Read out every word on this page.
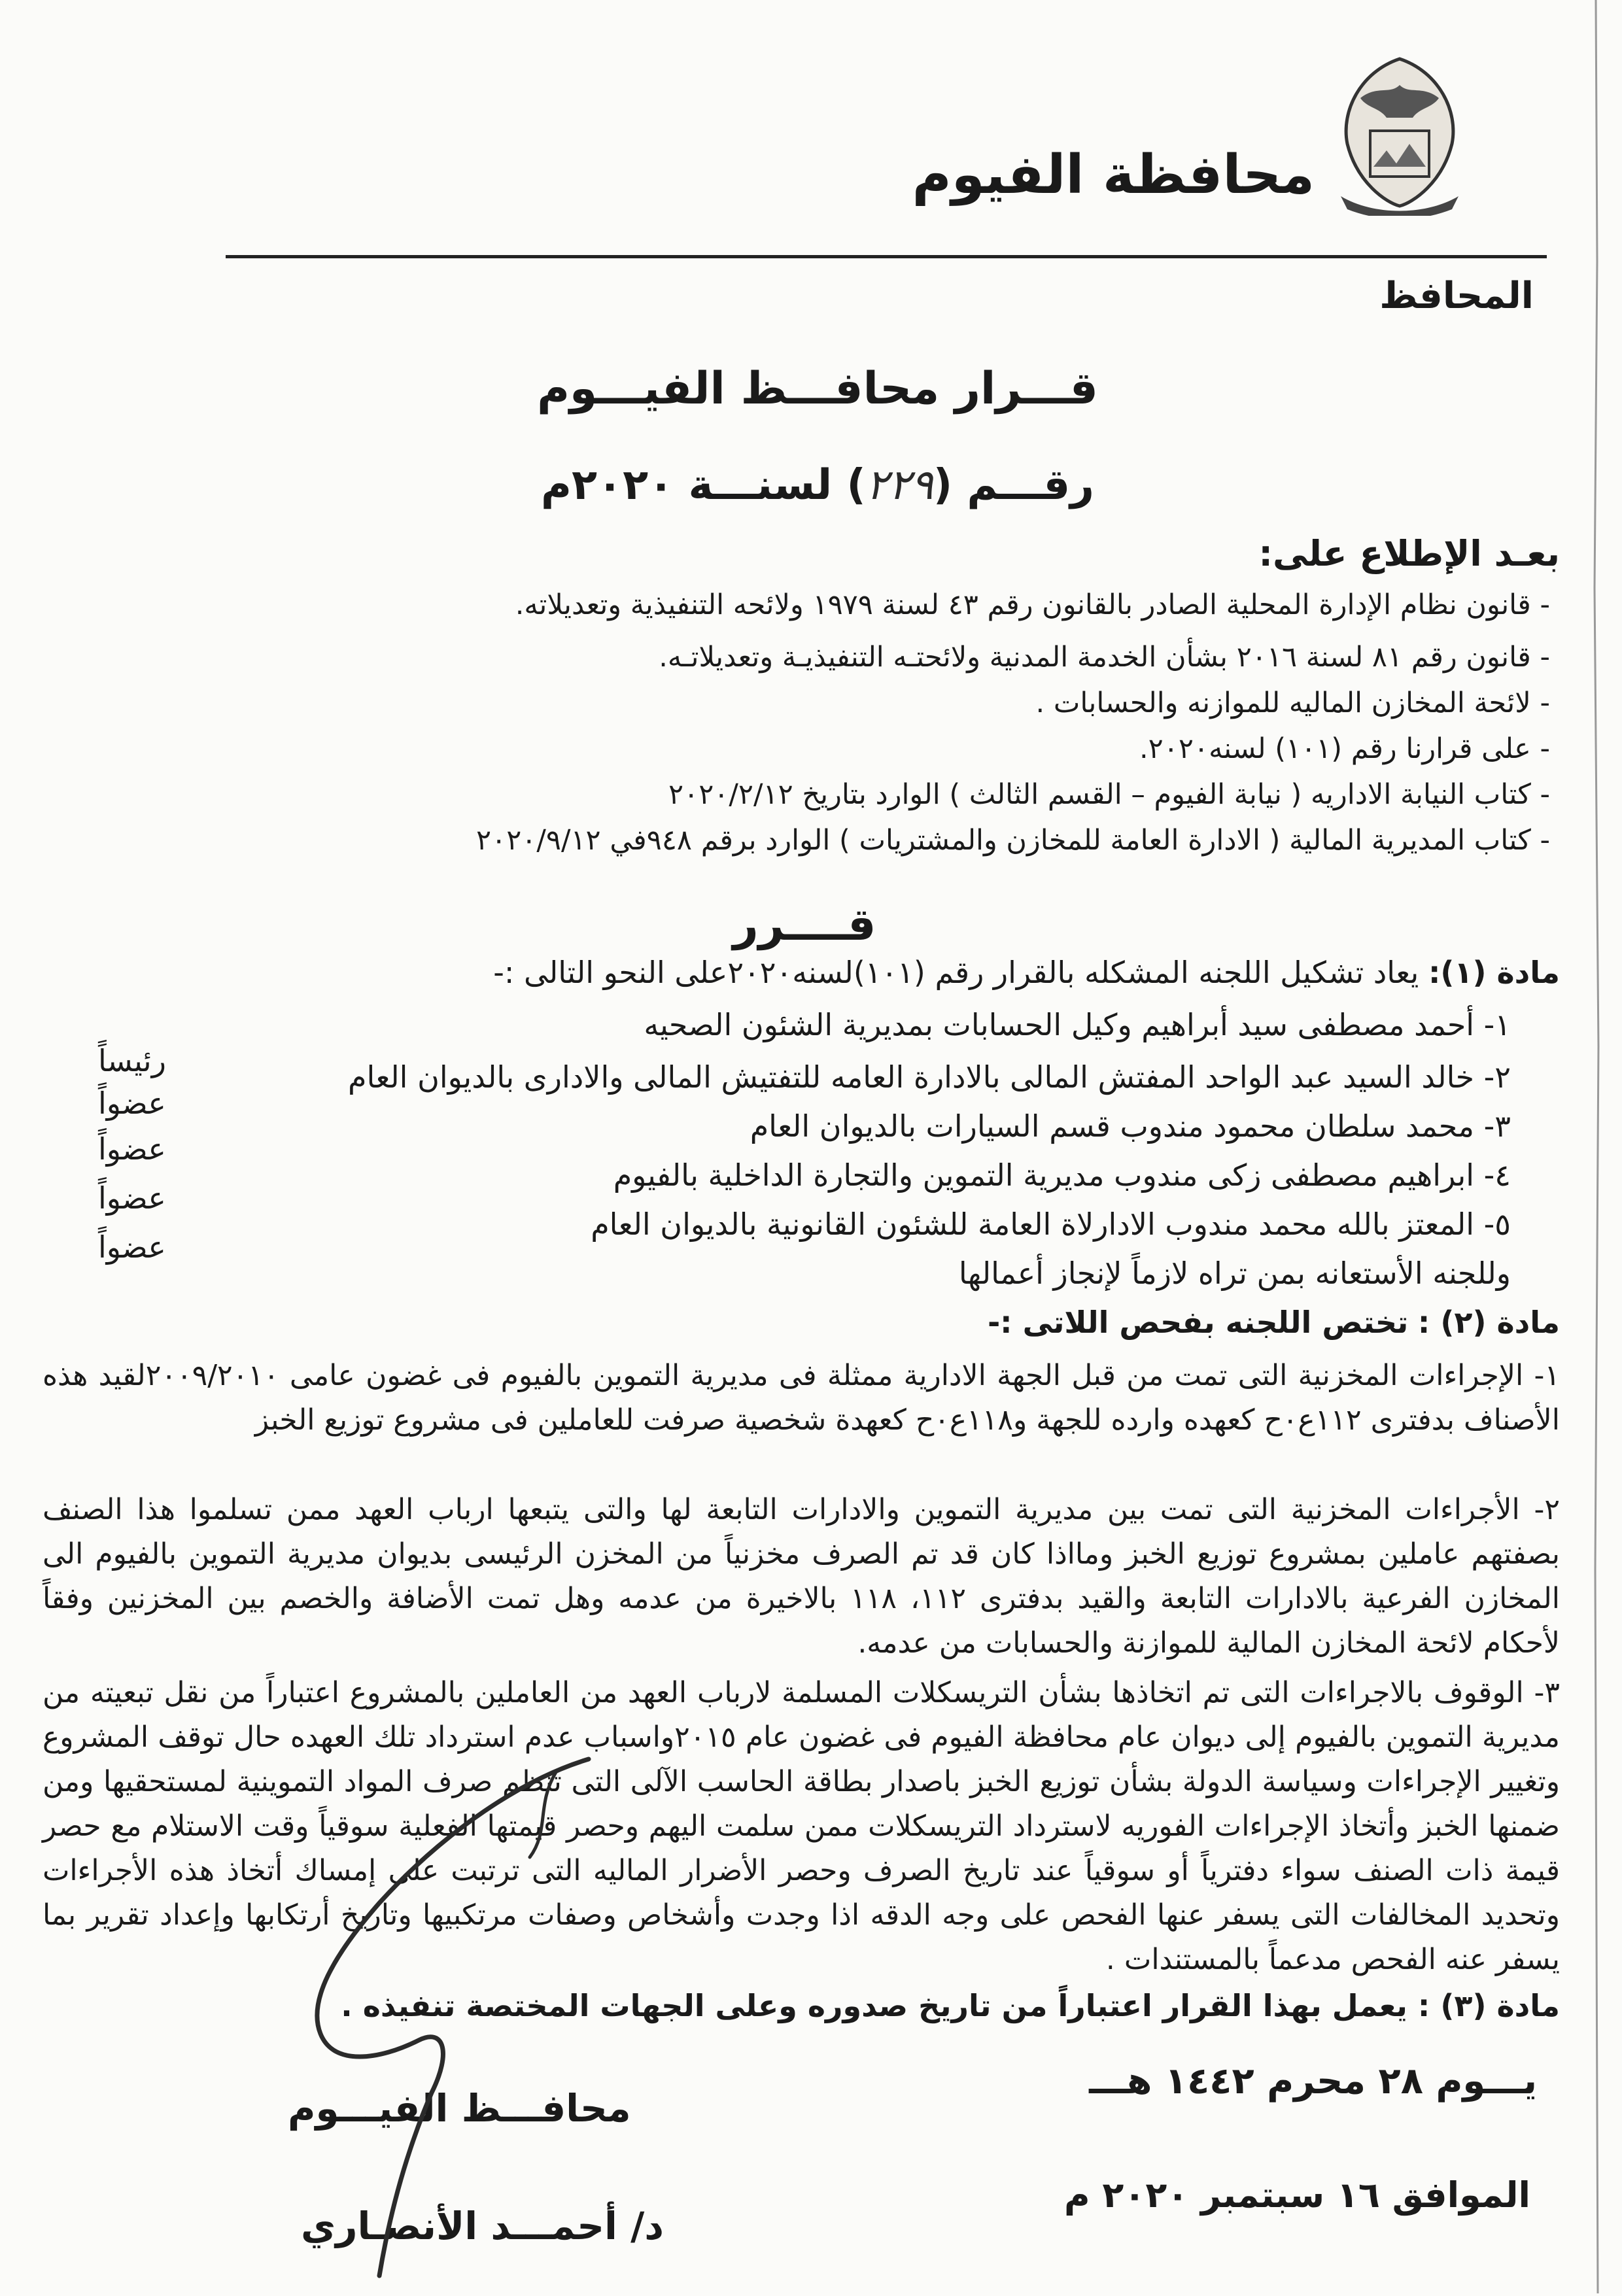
محافظة الفيوم
المحافظ
قـــرار محافـــظ الفيـــوم
رقـــم (٢٢٩) لسنـــة ٢٠٢٠م
بعـد الإطلاع على:
- قانون نظام الإدارة المحلية الصادر بالقانون رقم ٤٣ لسنة ١٩٧٩ ولائحه التنفيذية وتعديلاته.
- قانون رقم ٨١ لسنة ٢٠١٦ بشأن الخدمة المدنية ولائحتـه التنفيذيـة وتعديلاتـه.
- لائحة المخازن الماليه للموازنه والحسابات .
- على قرارنا رقم (١٠١) لسنه٢٠٢٠.
- كتاب النيابة الاداريه ( نيابة الفيوم – القسم الثالث ) الوارد بتاريخ ٢٠٢٠/٢/١٢
- كتاب المديرية المالية ( الادارة العامة للمخازن والمشتريات ) الوارد برقم ٩٤٨في ٢٠٢٠/٩/١٢
قــــرر
مادة (١): يعاد تشكيل اللجنه المشكله بالقرار رقم (١٠١)لسنه٢٠٢٠على النحو التالى :-
١- أحمد مصطفى سيد أبراهيم وكيل الحسابات بمديرية الشئون الصحيه
رئيساً	٢- خالد السيد عبد الواحد المفتش المالى بالادارة العامه للتفتيش المالى والادارى بالديوان العام
عضواً
٣- محمد سلطان محمود مندوب قسم السيارات بالديوان العام
عضواً
٤- ابراهيم مصطفى زكى مندوب مديرية التموين والتجارة الداخلية بالفيوم
عضواً
٥- المعتز بالله محمد مندوب الادارلاة العامة للشئون القانونية بالديوان العام
عضواً
وللجنه الأستعانه بمن تراه لازماً لإنجاز أعمالها
مادة (٢) : تختص اللجنه بفحص اللاتى :-
١- الإجراءات المخزنية التى تمت من قبل الجهة الادارية ممثلة فى مديرية التموين بالفيوم فى غضون عامى ٢٠٠٩/٢٠١٠لقيد هذه الأصناف بدفترى ١١٢ع٠ح كعهده وارده للجهة و١١٨ع٠ح كعهدة شخصية صرفت للعاملين فى مشروع توزيع الخبز
٢- الأجراءات المخزنية التى تمت بين مديرية التموين والادارات التابعة لها والتى يتبعها ارباب العهد ممن تسلموا هذا الصنف بصفتهم عاملين بمشروع توزيع الخبز ومااذا كان قد تم الصرف مخزنياً من المخزن الرئيسى بديوان مديرية التموين بالفيوم الى المخازن الفرعية بالادارات التابعة والقيد بدفترى ١١٢، ١١٨ بالاخيرة من عدمه وهل تمت الأضافة والخصم بين المخزنين وفقاً لأحكام لائحة المخازن المالية للموازنة والحسابات من عدمه.
٣- الوقوف بالاجراءات التى تم اتخاذها بشأن التريسكلات المسلمة لارباب العهد من العاملين بالمشروع اعتباراً من نقل تبعيته من مديرية التموين بالفيوم إلى ديوان عام محافظة الفيوم فى غضون عام ٢٠١٥واسباب عدم استرداد تلك العهده حال توقف المشروع وتغيير الإجراءات وسياسة الدولة بشأن توزيع الخبز باصدار بطاقة الحاسب الآلى التى تنظم صرف المواد التموينية لمستحقيها ومن ضمنها الخبز وأتخاذ الإجراءات الفوريه لاسترداد التريسكلات ممن سلمت اليهم وحصر قيمتها الفعلية سوقياً وقت الاستلام مع حصر قيمة ذات الصنف سواء دفترياً أو سوقياً عند تاريخ الصرف وحصر الأضرار الماليه التى ترتبت على إمساك أتخاذ هذه الأجراءات وتحديد المخالفات التى يسفر عنها الفحص على وجه الدقه اذا وجدت وأشخاص وصفات مرتكبيها وتاريخ أرتكابها وإعداد تقرير بما يسفر عنه الفحص مدعماً بالمستندات .
مادة (٣) : يعمل بهذا القرار اعتباراً من تاريخ صدوره وعلى الجهات المختصة تنفيذه .
يـــوم ٢٨ محرم ١٤٤٢ هـــ
الموافق ١٦ سبتمبر ٢٠٢٠ م
محافـــظ الفيـــوم
د/ أحمـــد الأنصـاري
